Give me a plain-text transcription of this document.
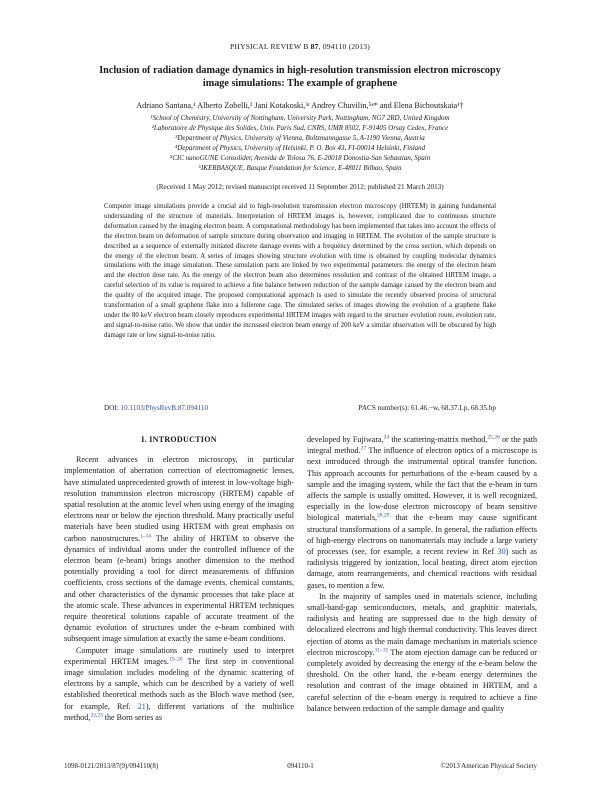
PHYSICAL REVIEW B 87, 094110 (2013)
Inclusion of radiation damage dynamics in high-resolution transmission electron microscopy image simulations: The example of graphene
Adriano Santana,¹ Alberto Zobelli,² Jani Kotakoski,³ʴ Andrey Chuvilin,⁵ʶ* and Elena Bichoutskaia¹†
¹School of Chemistry, University of Nottingham, University Park, Nottingham, NG7 2RD, United Kingdom
²Laboratoire de Physique des Solides, Univ. Paris Sud, CNRS, UMR 8502, F-91405 Orsay Cedex, France
³Department of Physics, University of Vienna, Boltzmanngasse 5, A-1190 Vienna, Austria
⁴Department of Physics, University of Helsinki, P. O. Box 43, FI-00014 Helsinki, Finland
⁵CIC nanoGUNE Consolider, Avenida de Tolosa 76, E-20018 Donostia-San Sebastian, Spain
⁶IKERBASQUE, Basque Foundation for Science, E-48011 Bilbao, Spain
(Received 1 May 2012; revised manuscript received 11 September 2012; published 21 March 2013)
Computer image simulations provide a crucial aid to high-resolution transmission electron microscopy (HRTEM) in gaining fundamental understanding of the structure of materials. Interpretation of HRTEM images is, however, complicated due to continuous structure deformation caused by the imaging electron beam. A computational methodology has been implemented that takes into account the effects of the electron beam on deformation of sample structure during observation and imaging in HRTEM. The evolution of the sample structure is described as a sequence of externally initiated discrete damage events with a frequency determined by the cross section, which depends on the energy of the electron beam. A series of images showing structure evolution with time is obtained by coupling molecular dynamics simulations with the image simulation. These simulation parts are linked by two experimental parameters: the energy of the electron beam and the electron dose rate. As the energy of the electron beam also determines resolution and contrast of the obtained HRTEM image, a careful selection of its value is required to achieve a fine balance between reduction of the sample damage caused by the electron beam and the quality of the acquired image. The proposed computational approach is used to simulate the recently observed process of structural transformation of a small graphene flake into a fullerene cage. The simulated series of images showing the evolution of a graphene flake under the 80 keV electron beam closely reproduces experimental HRTEM images with regard to the structure evolution route, evolution rate, and signal-to-noise ratio. We show that under the increased electron beam energy of 200 keV a similar observation will be obscured by high damage rate or low signal-to-noise ratio.
DOI: 10.1103/PhysRevB.87.094110	PACS number(s): 61.46.−w, 68.37.Lp, 68.35.bp
I. INTRODUCTION

Recent advances in electron microscopy, in particular implementation of aberration correction of electromagnetic lenses, have stimulated unprecedented growth of interest in low-voltage high-resolution transmission electron microscopy (HRTEM) capable of spatial resolution at the atomic level when using energy of the imaging electrons near or below the ejection threshold. Many practically useful materials have been studied using HRTEM with great emphasis on carbon nanostructures.$^{1-14}$ The ability of HRTEM to observe the dynamics of individual atoms under the controlled influence of the electron beam (e-beam) brings another dimension to the method potentially providing a tool for direct measurements of diffusion coefficients, cross sections of the damage events, chemical constants, and other characteristics of the dynamic processes that take place at the atomic scale. These advances in experimental HRTEM techniques require theoretical solutions capable of accurate treatment of the dynamic evolution of structures under the e-beam combined with subsequent image simulation at exactly the same e-beam conditions.

Computer image simulations are routinely used to interpret experimental HRTEM images.$^{15-20}$ The first step in conventional image simulation includes modeling of the dynamic scattering of electrons by a sample, which can be described by a variety of well established theoretical methods such as the Bloch wave method (see, for example, Ref. 21), different variations of the multislice method,$^{22,23}$ the Born series as

developed by Fujiwara,$^{24}$ the scattering-matrix method,$^{25,26}$ or the path integral method.$^{27}$ The influence of electron optics of a microscope is next introduced through the instrumental optical transfer function. This approach accounts for perturbations of the e-beam caused by a sample and the imaging system, while the fact that the e-beam in turn affects the sample is usually omitted. However, it is well recognized, especially in the low-dose electron microscopy of beam sensitive biological materials,$^{28,29}$ that the e-beam may cause significant structural transformations of a sample. In general, the radiation effects of high-energy electrons on nanomaterials may include a large variety of processes (see, for example, a recent review in Ref 30) such as radiolysis triggered by ionization, local heating, direct atom ejection damage, atom rearrangements, and chemical reactions with residual gases, to mention a few.

In the majority of samples used in materials science, including small-band-gap semiconductors, metals, and graphitic materials, radiolysis and heating are suppressed due to the high density of delocalized electrons and high thermal conductivity. This leaves direct ejection of atoms as the main damage mechanism in materials science electron microscopy.$^{31-35}$ The atom ejection damage can be reduced or completely avoided by decreasing the energy of the e-beam below the threshold. On the other hand, the e-beam energy determines the resolution and contrast of the image obtained in HRTEM, and a careful selection of the e-beam energy is required to achieve a fine balance between reduction of the sample damage and quality

1098-0121/2013/87(9)/094110(8)	094110-1	©2013 American Physical Society
